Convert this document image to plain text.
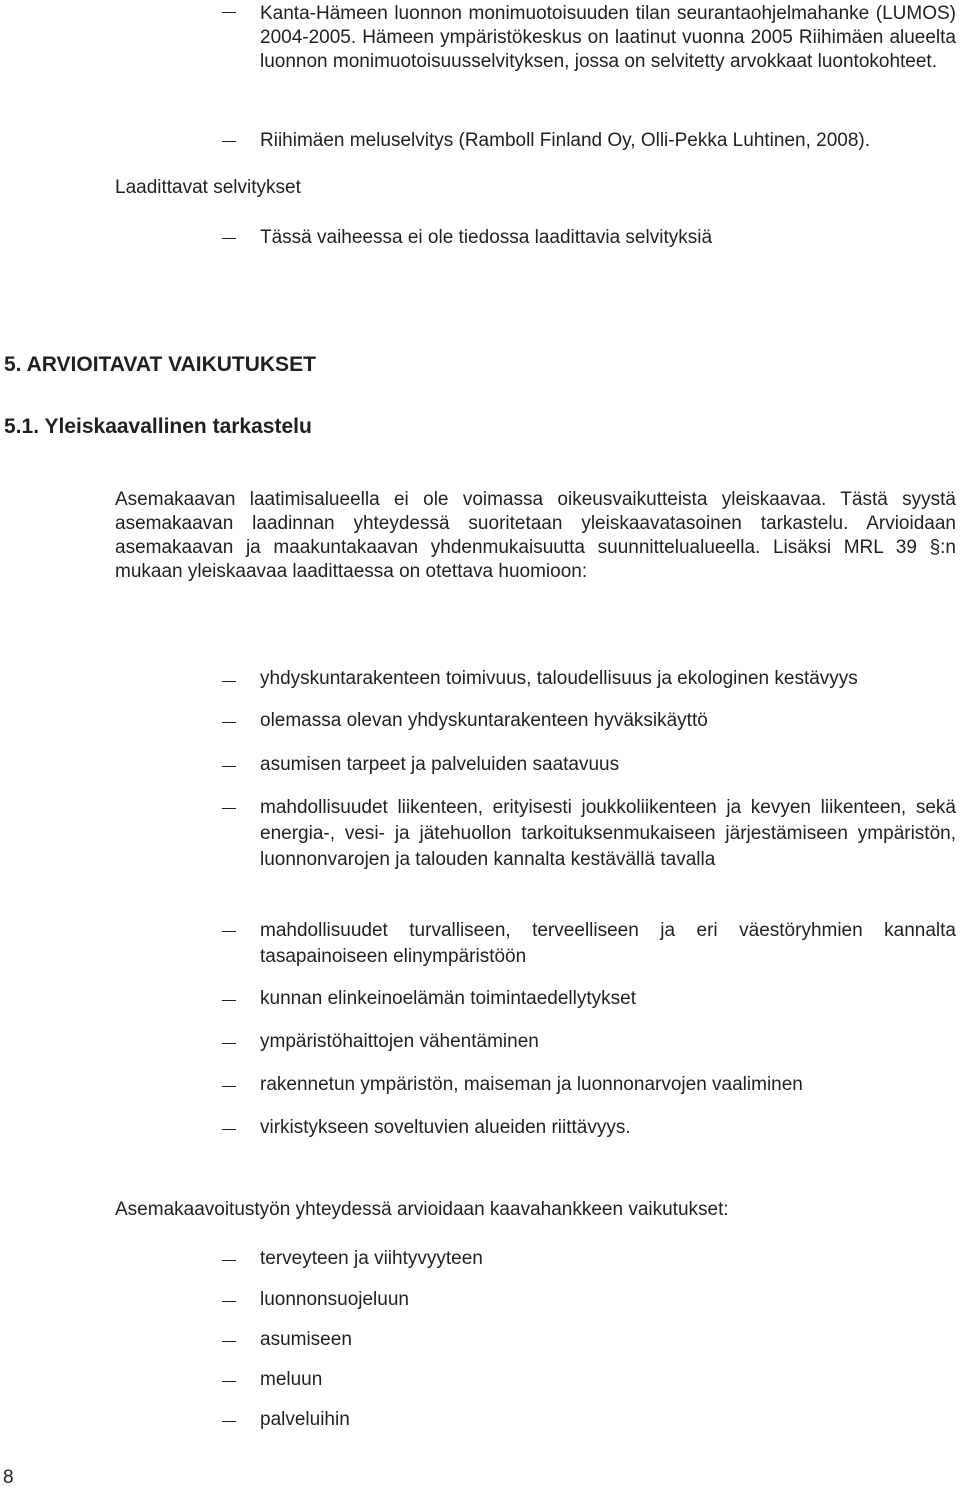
Kanta-Hämeen luonnon monimuotoisuuden tilan seurantaohjelmahanke (LUMOS) 2004-2005. Hämeen ympäristökeskus on laatinut vuonna 2005 Riihimäen alueelta luonnon monimuotoisuusselvityksen, jossa on selvitetty arvokkaat luontokohteet.

Riihimäen meluselvitys (Ramboll Finland Oy, Olli-Pekka Luhtinen, 2008).

Laadittavat selvitykset

Tässä vaiheessa ei ole tiedossa laadittavia selvityksiä

5. ARVIOITAVAT VAIKUTUKSET
5.1. Yleiskaavallinen tarkastelu

Asemakaavan laatimisalueella ei ole voimassa oikeusvaikutteista yleiskaavaa. Tästä syystä asemakaavan laadinnan yhteydessä suoritetaan yleiskaavatasoinen tarkastelu. Arvioidaan asemakaavan ja maakuntakaavan yhdenmukaisuutta suunnittelualueella. Lisäksi MRL 39 §:n mukaan yleiskaavaa laadittaessa on otettava huomioon:

yhdyskuntarakenteen toimivuus, taloudellisuus ja ekologinen kestävyys

olemassa olevan yhdyskuntarakenteen hyväksikäyttö

asumisen tarpeet ja palveluiden saatavuus

mahdollisuudet liikenteen, erityisesti joukkoliikenteen ja kevyen liikenteen, sekä energia-, vesi- ja jätehuollon tarkoituksenmukaiseen järjestämiseen ympäristön, luonnonvarojen ja talouden kannalta kestävällä tavalla

mahdollisuudet turvalliseen, terveelliseen ja eri väestöryhmien kannalta tasapainoiseen elinympäristöön

kunnan elinkeinoelämän toimintaedellytykset

ympäristöhaittojen vähentäminen

rakennetun ympäristön, maiseman ja luonnonarvojen vaaliminen

virkistykseen soveltuvien alueiden riittävyys.

Asemakaavoitustyön yhteydessä arvioidaan kaavahankkeen vaikutukset:

terveyteen ja viihtyvyyteen

luonnonsuojeluun

asumiseen

meluun

palveluihin

8
